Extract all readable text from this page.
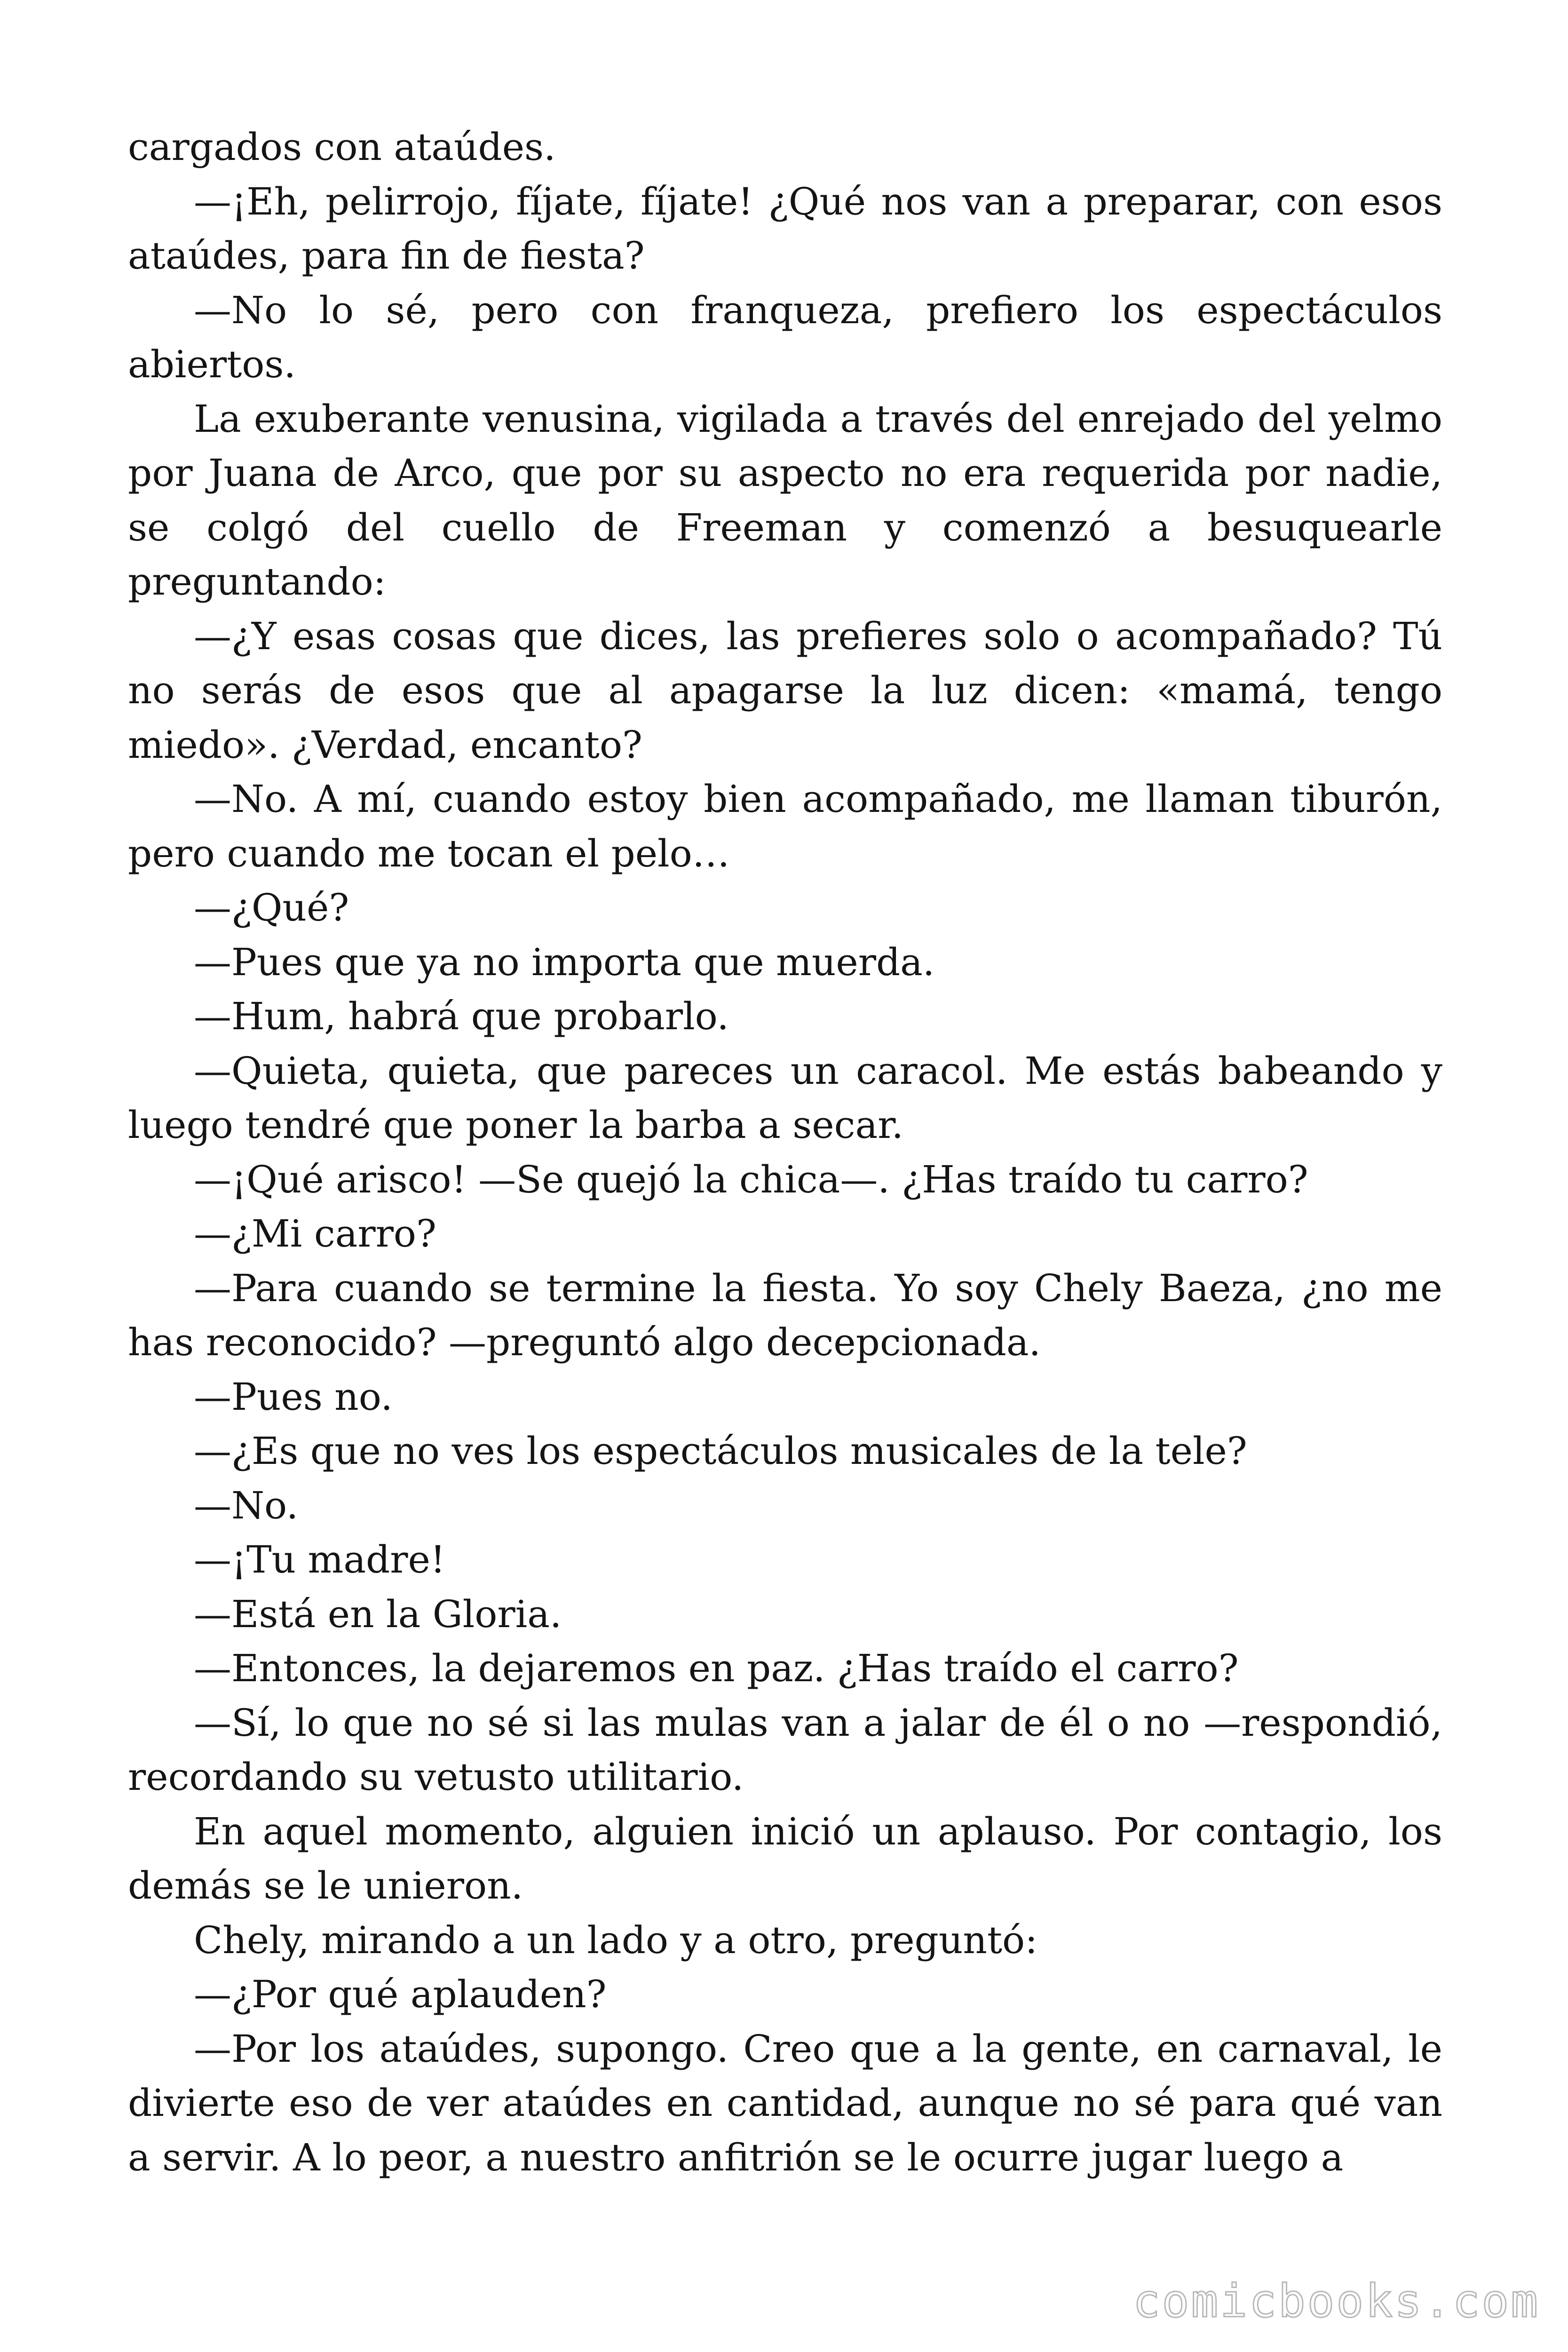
cargados con ataúdes.

—¡Eh, pelirrojo, fíjate, fíjate! ¿Qué nos van a preparar, con esos ataúdes, para fin de fiesta?

—No lo sé, pero con franqueza, prefiero los espectáculos abiertos.

La exuberante venusina, vigilada a través del enrejado del yelmo por Juana de Arco, que por su aspecto no era requerida por nadie, se colgó del cuello de Freeman y comenzó a besuquearle preguntando:

—¿Y esas cosas que dices, las prefieres solo o acompañado? Tú no serás de esos que al apagarse la luz dicen: «mamá, tengo miedo». ¿Verdad, encanto?

—No. A mí, cuando estoy bien acompañado, me llaman tiburón, pero cuando me tocan el pelo…

—¿Qué?

—Pues que ya no importa que muerda.

—Hum, habrá que probarlo.

—Quieta, quieta, que pareces un caracol. Me estás babeando y luego tendré que poner la barba a secar.

—¡Qué arisco! —Se quejó la chica—. ¿Has traído tu carro?

—¿Mi carro?

—Para cuando se termine la fiesta. Yo soy Chely Baeza, ¿no me has reconocido? —preguntó algo decepcionada.

—Pues no.

—¿Es que no ves los espectáculos musicales de la tele?

—No.

—¡Tu madre!

—Está en la Gloria.

—Entonces, la dejaremos en paz. ¿Has traído el carro?

—Sí, lo que no sé si las mulas van a jalar de él o no —respondió, recordando su vetusto utilitario.

En aquel momento, alguien inició un aplauso. Por contagio, los demás se le unieron.

Chely, mirando a un lado y a otro, preguntó:

—¿Por qué aplauden?

—Por los ataúdes, supongo. Creo que a la gente, en carnaval, le divierte eso de ver ataúdes en cantidad, aunque no sé para qué van a servir. A lo peor, a nuestro anfitrión se le ocurre jugar luego a

comicbooks.com
